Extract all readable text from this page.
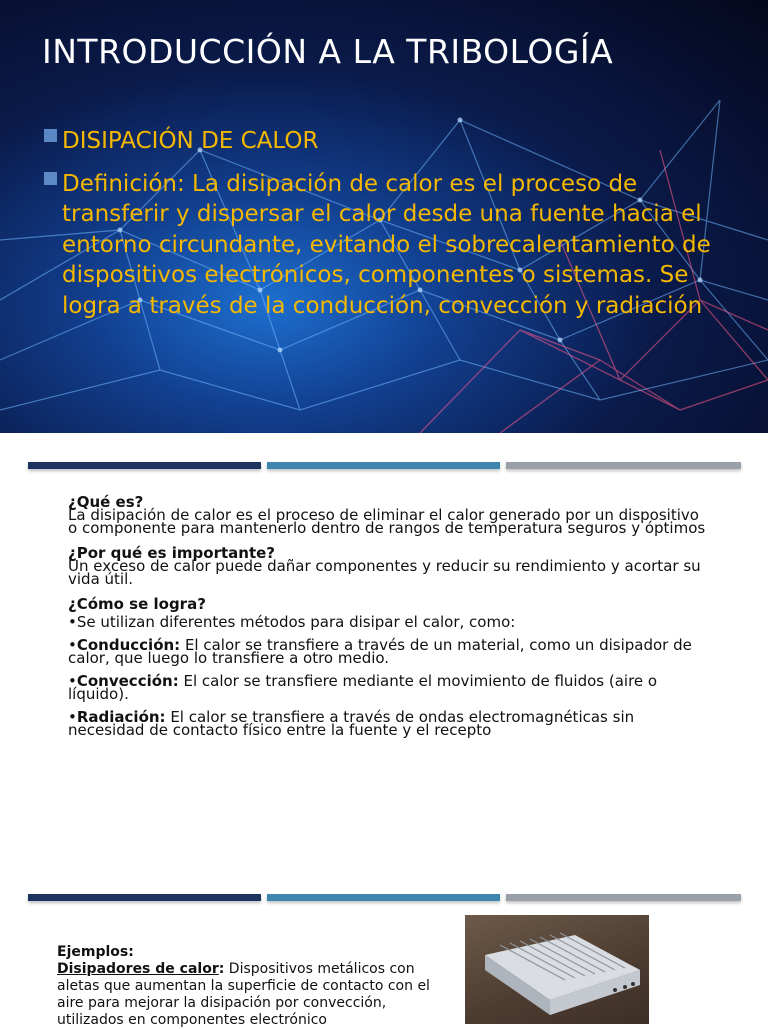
INTRODUCCIÓN A LA TRIBOLOGÍA
DISIPACIÓN DE CALOR
Definición: La disipación de calor es el proceso de transferir y dispersar el calor desde una fuente hacia el entorno circundante, evitando el sobrecalentamiento de dispositivos electrónicos, componentes o sistemas. Se logra a través de la conducción, convección y radiación
¿Qué es?
La disipación de calor es el proceso de eliminar el calor generado por un dispositivo o componente para mantenerlo dentro de rangos de temperatura seguros y óptimos
¿Por qué es importante?
Un exceso de calor puede dañar componentes y reducir su rendimiento y acortar su vida útil.
¿Cómo se logra?
•Se utilizan diferentes métodos para disipar el calor, como:
•Conducción: El calor se transfiere a través de un material, como un disipador de calor, que luego lo transfiere a otro medio.
•Convección: El calor se transfiere mediante el movimiento de fluidos (aire o líquido).
•Radiación: El calor se transfiere a través de ondas electromagnéticas sin necesidad de contacto físico entre la fuente y el recepto
Ejemplos:
Disipadores de calor: Dispositivos metálicos con aletas que aumentan la superficie de contacto con el aire para mejorar la disipación por convección, utilizados en componentes electrónico
